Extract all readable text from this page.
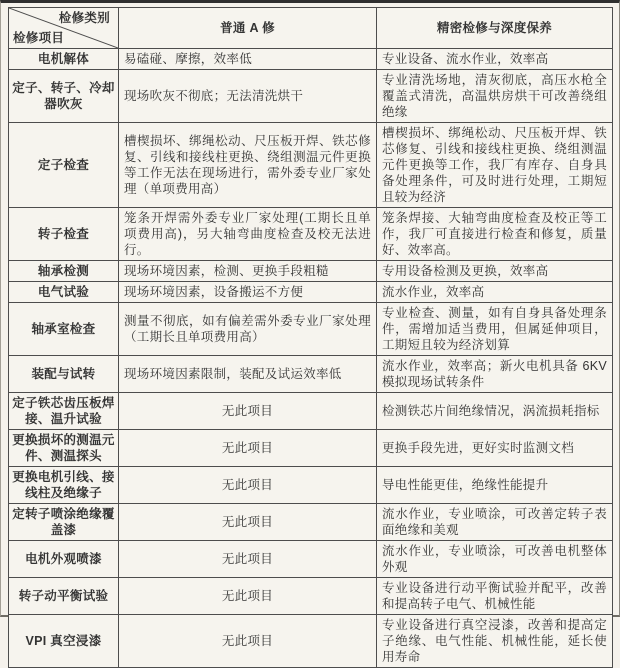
检修类别
检修项目	普通 A 修	精密检修与深度保养
电机解体	易磕碰、摩擦，效率低	专业设备、流水作业，效率高
定子、转子、冷却器吹灰	现场吹灰不彻底；无法清洗烘干	专业清洗场地，清灰彻底，高压水枪全覆盖式清洗，高温烘房烘干可改善绕组绝缘
定子检查	槽楔损坏、绑绳松动、尺压板开焊、铁芯修复、引线和接线柱更换、绕组测温元件更换等工作无法在现场进行，需外委专业厂家处理（单项费用高）	槽楔损坏、绑绳松动、尺压板开焊、铁芯修复、引线和接线柱更换、绕组测温元件更换等工作，我厂有库存、自身具备处理条件，可及时进行处理，工期短且较为经济
转子检查	笼条开焊需外委专业厂家处理(工期长且单项费用高)，另大轴弯曲度检查及校无法进行。	笼条焊接、大轴弯曲度检查及校正等工作，我厂可直接进行检查和修复，质量好、效率高。
轴承检测	现场环境因素，检测、更换手段粗糙	专用设备检测及更换，效率高
电气试验	现场环境因素，设备搬运不方便	流水作业，效率高
轴承室检查	测量不彻底，如有偏差需外委专业厂家处理（工期长且单项费用高）	专业检查、测量，如有自身具备处理条件，需增加适当费用，但属延伸项目，工期短且较为经济划算
装配与试转	现场环境因素限制，装配及试运效率低	流水作业，效率高；新火电机具备 6KV 模拟现场试转条件
定子铁芯齿压板焊接、温升试验	无此项目	检测铁芯片间绝缘情况，涡流损耗指标
更换损坏的测温元件、测温探头	无此项目	更换手段先进，更好实时监测文档
更换电机引线、接线柱及绝缘子	无此项目	导电性能更佳，绝缘性能提升
定转子喷涂绝缘覆盖漆	无此项目	流水作业，专业喷涂，可改善定转子表面绝缘和美观
电机外观喷漆	无此项目	流水作业，专业喷涂，可改善电机整体外观
转子动平衡试验	无此项目	专业设备进行动平衡试验并配平，改善和提高转子电气、机械性能
VPI 真空浸漆	无此项目	专业设备进行真空浸漆，改善和提高定子绝缘、电气性能、机械性能，延长使用寿命
